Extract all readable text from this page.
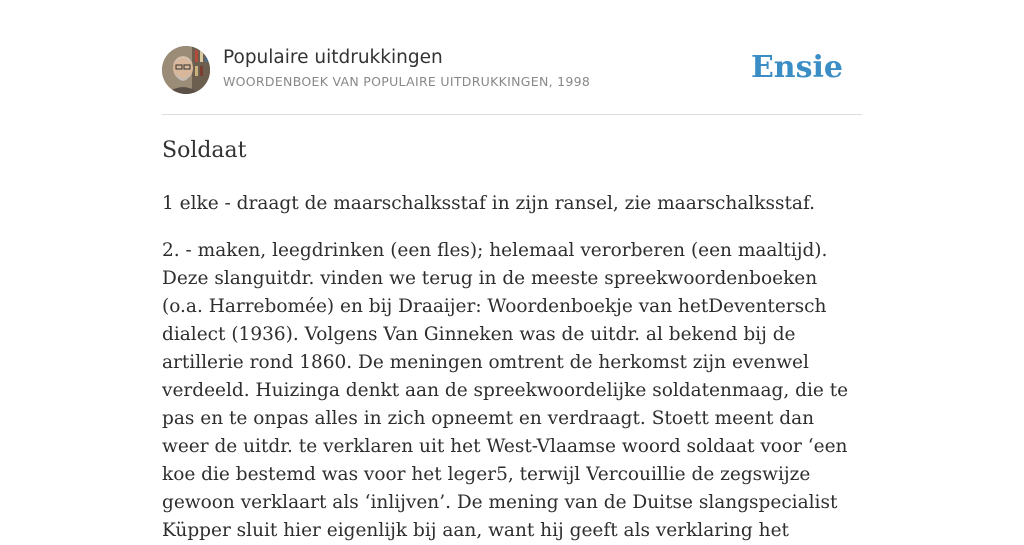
Populaire uitdrukkingen
WOORDENBOEK VAN POPULAIRE UITDRUKKINGEN, 1998	Ensie
Soldaat

1 elke - draagt de maarschalksstaf in zijn ransel, zie maarschalksstaf.

2. - maken, leegdrinken (een fles); helemaal verorberen (een maaltijd). Deze slanguitdr. vinden we terug in de meeste spreekwoordenboeken (o.a. Harrebomée) en bij Draaijer: Woordenboekje van hetDeventersch dialect (1936). Volgens Van Ginneken was de uitdr. al bekend bij de artillerie rond 1860. De meningen omtrent de herkomst zijn evenwel verdeeld. Huizinga denkt aan de spreekwoordelijke soldatenmaag, die te pas en te onpas alles in zich opneemt en verdraagt. Stoett meent dan weer de uitdr. te verklaren uit het West-Vlaamse woord soldaat voor ‘een koe die bestemd was voor het leger5, terwijl Vercouillie de zegswijze gewoon verklaart als ‘inlijven’. De mening van de Duitse slangspecialist Küpper sluit hier eigenlijk bij aan, want hij geeft als verklaring het
